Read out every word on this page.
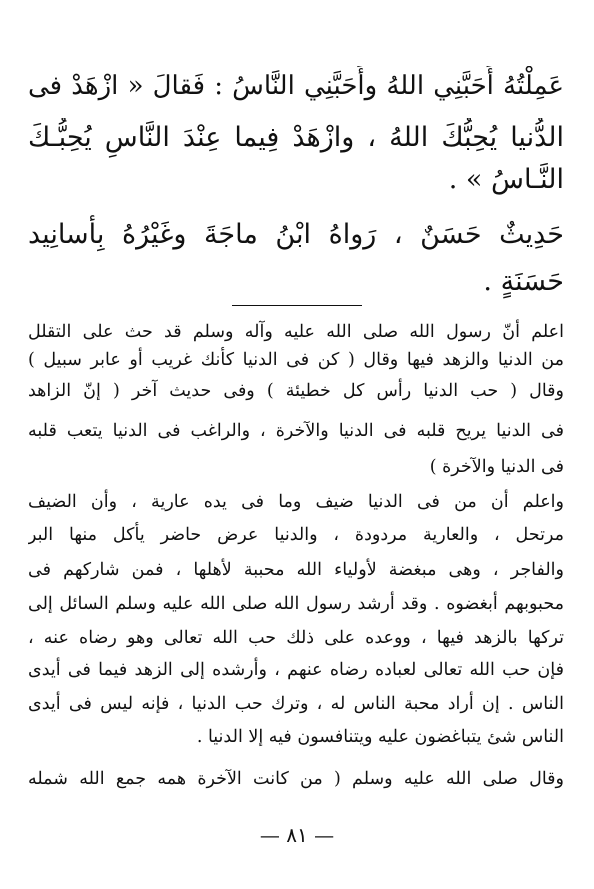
عَمِلْتُهُ أَحَبَّنِي اللهُ وأَحَبَّنِي النَّاسُ : فَقالَ « ازْهَدْ فى
الدُّنيا يُحِبُّكَ اللهُ ، وازْهَدْ فِيما عِنْدَ النَّاسِ يُحِبُّـكَ
النَّـاسُ » .
حَدِيثٌ حَسَنٌ ، رَواهُ ابْنُ ماجَةَ وغَيْرُهُ بِأَسانِيد
حَسَنَةٍ .
اعلم أنّ رسول الله صلى الله عليه وآله وسلم قد حث على التقلل
من الدنيا والزهد فيها وقال ( كن فى الدنيا كأنك غريب أو عابر سبيل )
وقال ( حب الدنيا رأس كل خطيئة ) وفى حديث آخر ( إنّ الزاهد
فى الدنيا يريح قلبه فى الدنيا والآخرة ، والراغب فى الدنيا يتعب قلبه
فى الدنيا والآخرة )
واعلم أن من فى الدنيا ضيف وما فى يده عارية ، وأن الضيف
مرتحل ، والعارية مردودة ، والدنيا عرض حاضر يأكل منها البر
والفاجر ، وهى مبغضة لأولياء الله محببة لأهلها ، فمن شاركهم فى
محبوبهم أبغضوه . وقد أرشد رسول الله صلى الله عليه وسلم السائل إلى
تركها بالزهد فيها ، ووعده على ذلك حب الله تعالى وهو رضاه عنه ،
فإن حب الله تعالى لعباده رضاه عنهم ، وأرشده إلى الزهد فيما فى أيدى
الناس . إن أراد محبة الناس له ، وترك حب الدنيا ، فإنه ليس فى أيدى
الناس شئ يتباغضون عليه ويتنافسون فيه إلا الدنيا .
وقال صلى الله عليه وسلم ( من كانت الآخرة همه جمع الله شمله
— ٨١ —
